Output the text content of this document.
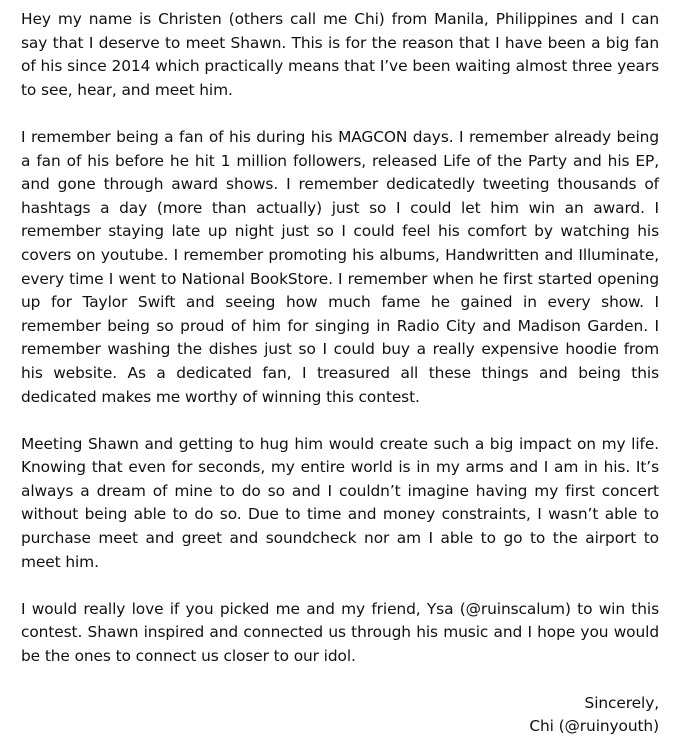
Hey my name is Christen (others call me Chi) from Manila, Philippines and I can say that I deserve to meet Shawn. This is for the reason that I have been a big fan of his since 2014 which practically means that I’ve been waiting almost three years to see, hear, and meet him.

I remember being a fan of his during his MAGCON days. I remember already being a fan of his before he hit 1 million followers, released Life of the Party and his EP, and gone through award shows. I remember dedicatedly tweeting thousands of hashtags a day (more than actually) just so I could let him win an award. I remember staying late up night just so I could feel his comfort by watching his covers on youtube. I remember promoting his albums, Handwritten and Illuminate, every time I went to National BookStore. I remember when he first started opening up for Taylor Swift and seeing how much fame he gained in every show. I remember being so proud of him for singing in Radio City and Madison Garden. I remember washing the dishes just so I could buy a really expensive hoodie from his website. As a dedicated fan, I treasured all these things and being this dedicated makes me worthy of winning this contest.

Meeting Shawn and getting to hug him would create such a big impact on my life. Knowing that even for seconds, my entire world is in my arms and I am in his. It’s always a dream of mine to do so and I couldn’t imagine having my first concert without being able to do so. Due to time and money constraints, I wasn’t able to purchase meet and greet and soundcheck nor am I able to go to the airport to meet him.

I would really love if you picked me and my friend, Ysa (@ruinscalum) to win this contest. Shawn inspired and connected us through his music and I hope you would be the ones to connect us closer to our idol.

Sincerely,
Chi (@ruinyouth)
